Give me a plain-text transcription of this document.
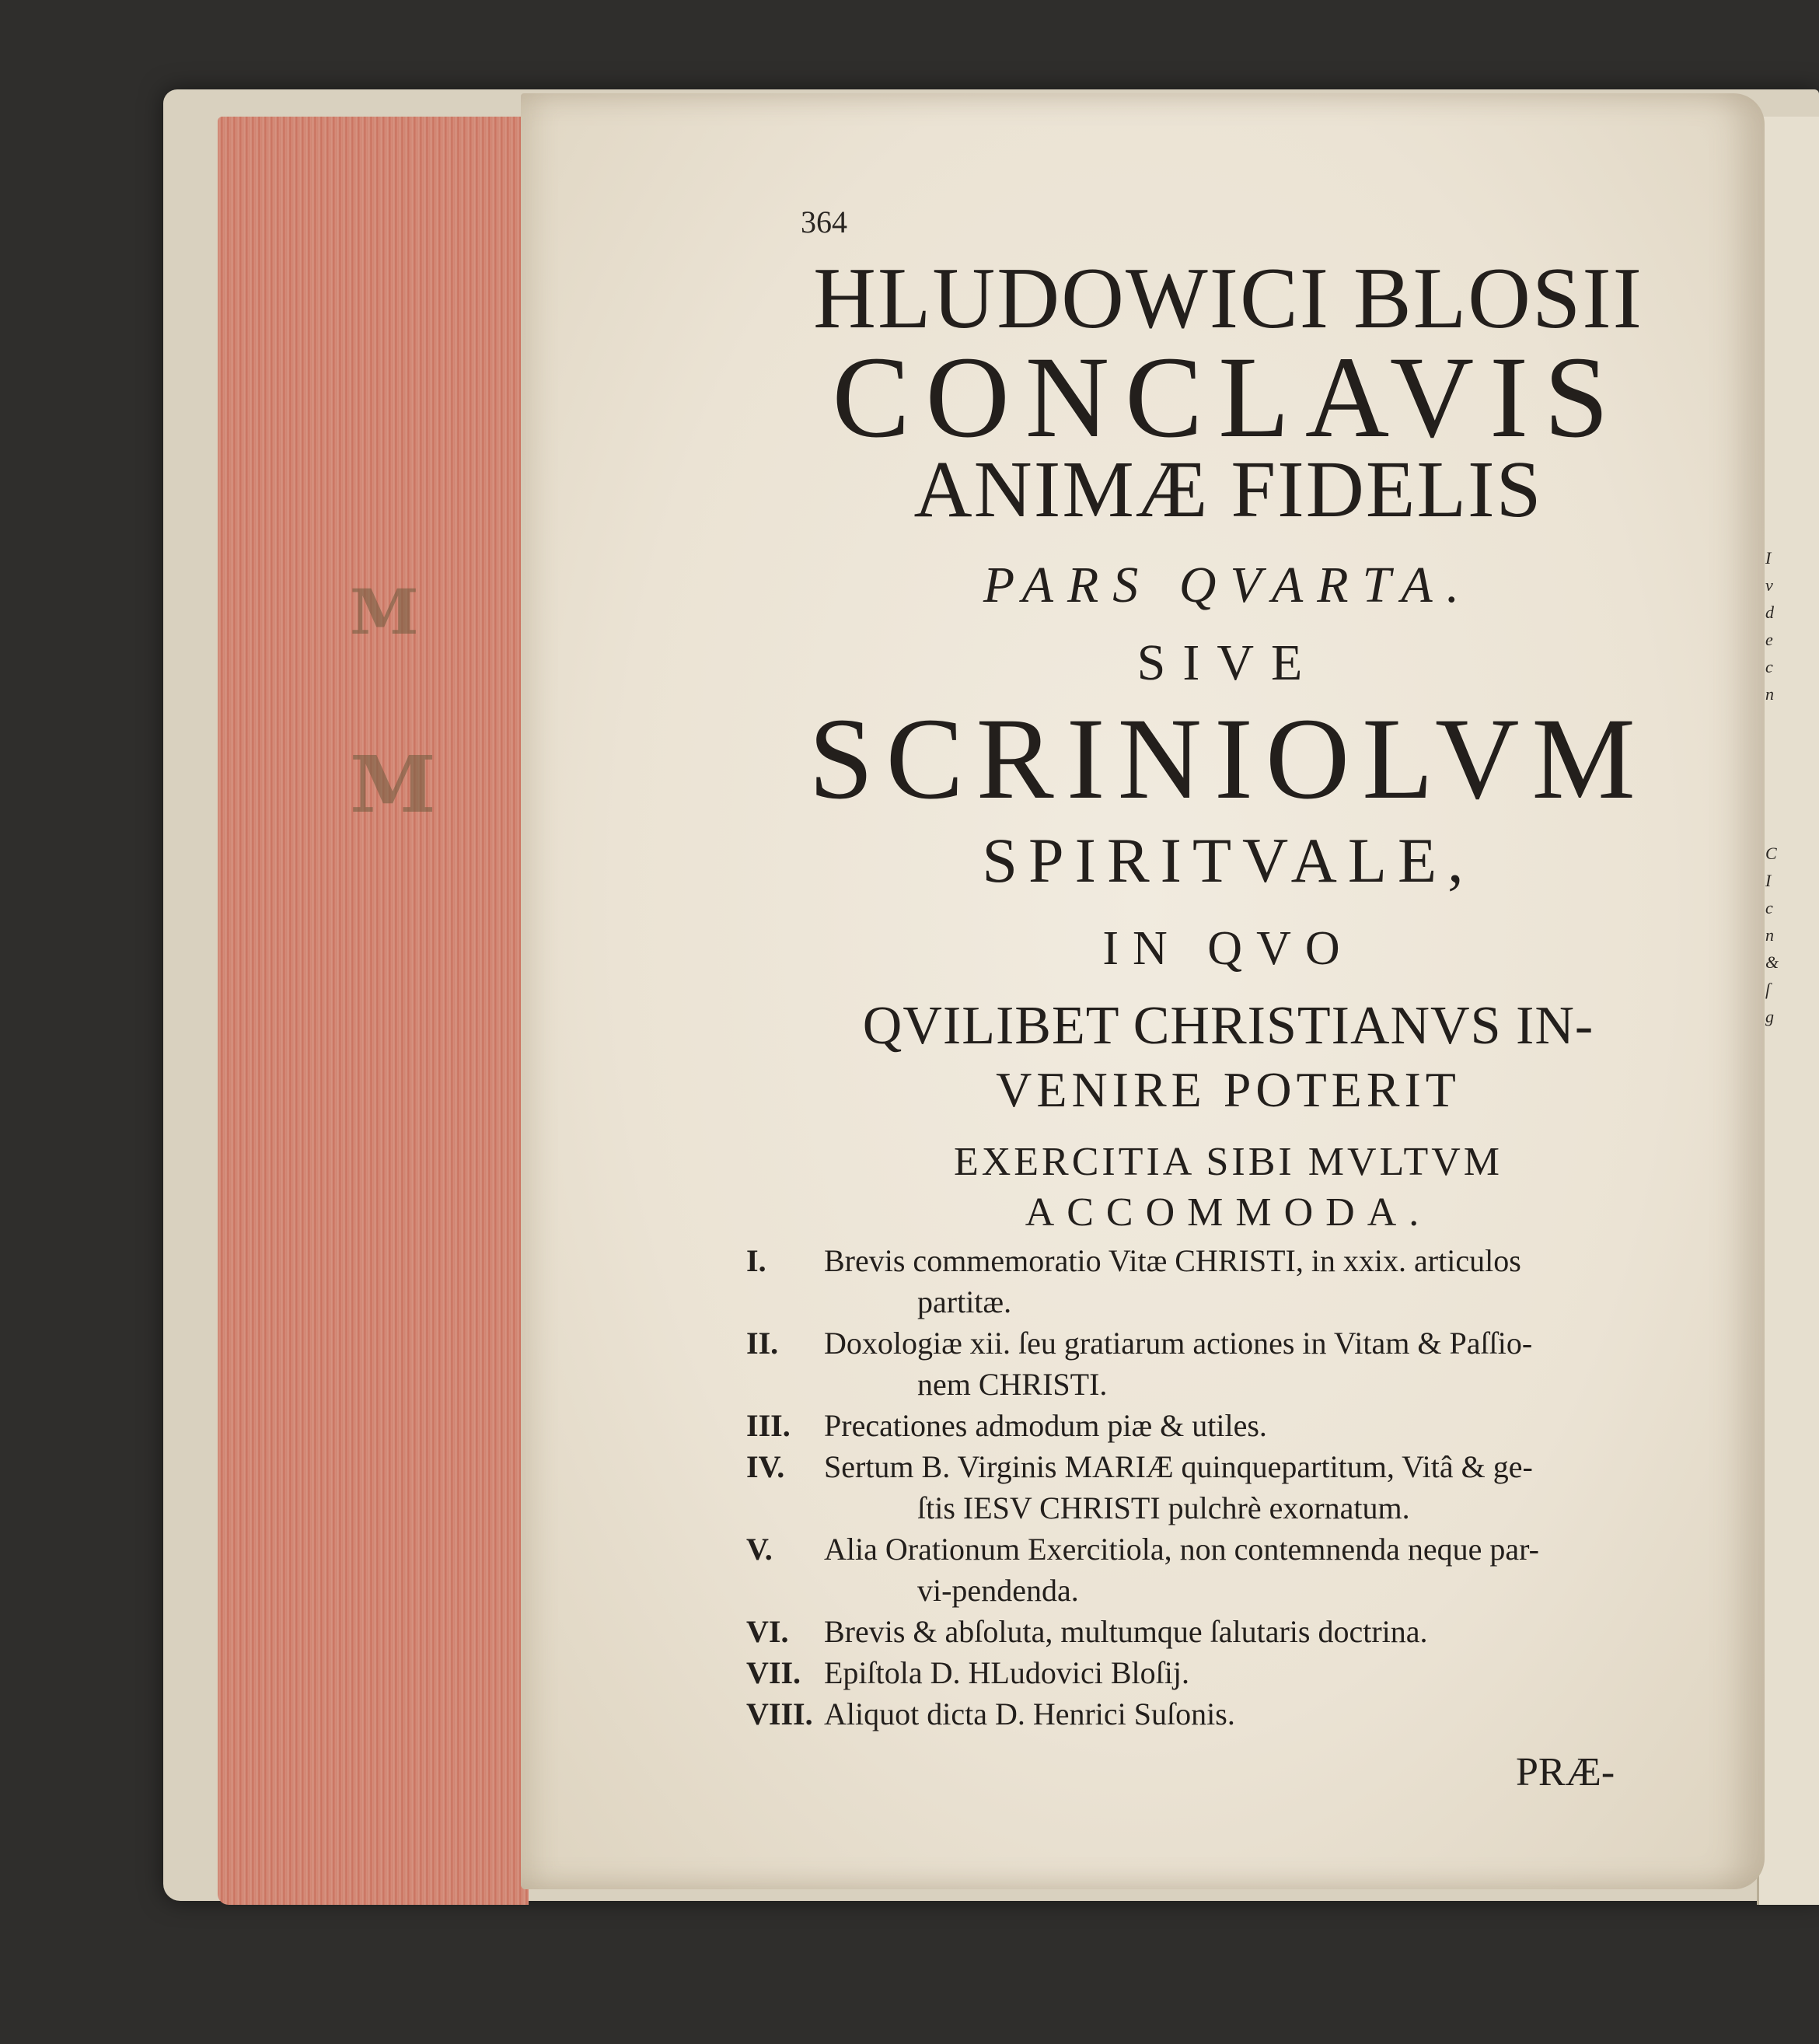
M
M
I
v
d
e
c
n
C
I
c
n
&
ſ
g
364
HLUDOWICI BLOSII
CONCLAVIS
ANIMÆ FIDELIS
PARS QVARTA.
SIVE
SCRINIOLVM
SPIRITVALE,
IN QVO
QVILIBET CHRISTIANVS IN-
VENIRE POTERIT
EXERCITIA SIBI MVLTVM
ACCOMMODA.
I. Brevis commemoratio Vitæ CHRISTI, in xxix. articulos
partitæ.
II. Doxologiæ xii. ſeu gratiarum actiones in Vitam & Paſſio-
nem CHRISTI.
III. Precationes admodum piæ & utiles.
IV. Sertum B. Virginis MARIÆ quinquepartitum, Vitâ & ge-
ſtis IESV CHRISTI pulchrè exornatum.
V. Alia Orationum Exercitiola, non contemnenda neque par-
vi-pendenda.
VI. Brevis & abſoluta, multumque ſalutaris doctrina.
VII. Epiſtola D. HLudovici Bloſij.
VIII. Aliquot dicta D. Henrici Suſonis.
PRÆ-
